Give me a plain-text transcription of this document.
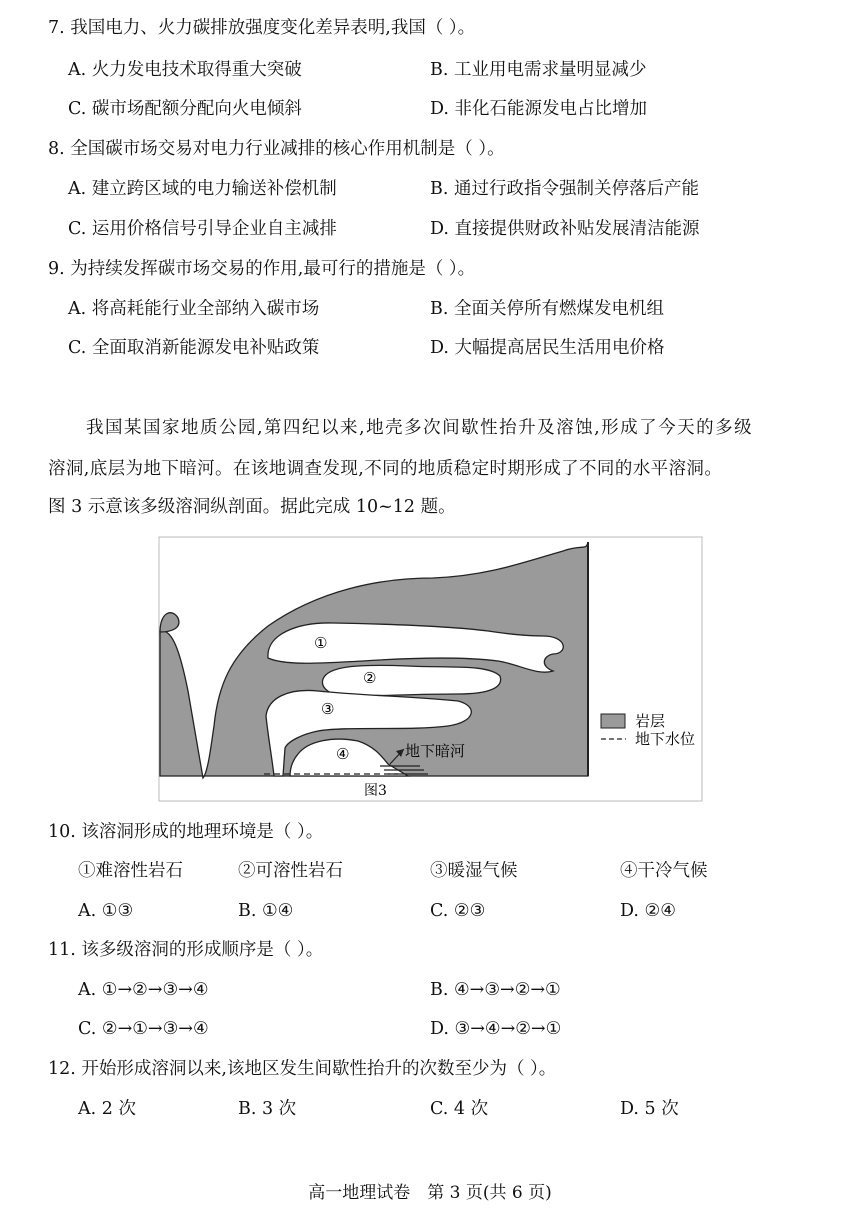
7. 我国电力、火力碳排放强度变化差异表明,我国（ ）。
A. 火力发电技术取得重大突破	B. 工业用电需求量明显减少
C. 碳市场配额分配向火电倾斜	D. 非化石能源发电占比增加
8. 全国碳市场交易对电力行业减排的核心作用机制是（ ）。
A. 建立跨区域的电力输送补偿机制	B. 通过行政指令强制关停落后产能
C. 运用价格信号引导企业自主减排	D. 直接提供财政补贴发展清洁能源
9. 为持续发挥碳市场交易的作用,最可行的措施是（ ）。
A. 将高耗能行业全部纳入碳市场	B. 全面关停所有燃煤发电机组
C. 全面取消新能源发电补贴政策	D. 大幅提高居民生活用电价格
我国某国家地质公园,第四纪以来,地壳多次间歇性抬升及溶蚀,形成了今天的多级
溶洞,底层为地下暗河。在该地调查发现,不同的地质稳定时期形成了不同的水平溶洞。
图 3 示意该多级溶洞纵剖面。据此完成 10~12 题。
①
②
③
④	地下暗河
岩层
地下水位
图3
10. 该溶洞形成的地理环境是（ ）。
①难溶性岩石	②可溶性岩石	③暖湿气候	④干冷气候
A. ①③	B. ①④	C. ②③	D. ②④
11. 该多级溶洞的形成顺序是（ ）。
A. ①→②→③→④	B. ④→③→②→①
C. ②→①→③→④	D. ③→④→②→①
12. 开始形成溶洞以来,该地区发生间歇性抬升的次数至少为（ ）。
A. 2 次	B. 3 次	C. 4 次	D. 5 次
高一地理试卷　第 3 页(共 6 页)
